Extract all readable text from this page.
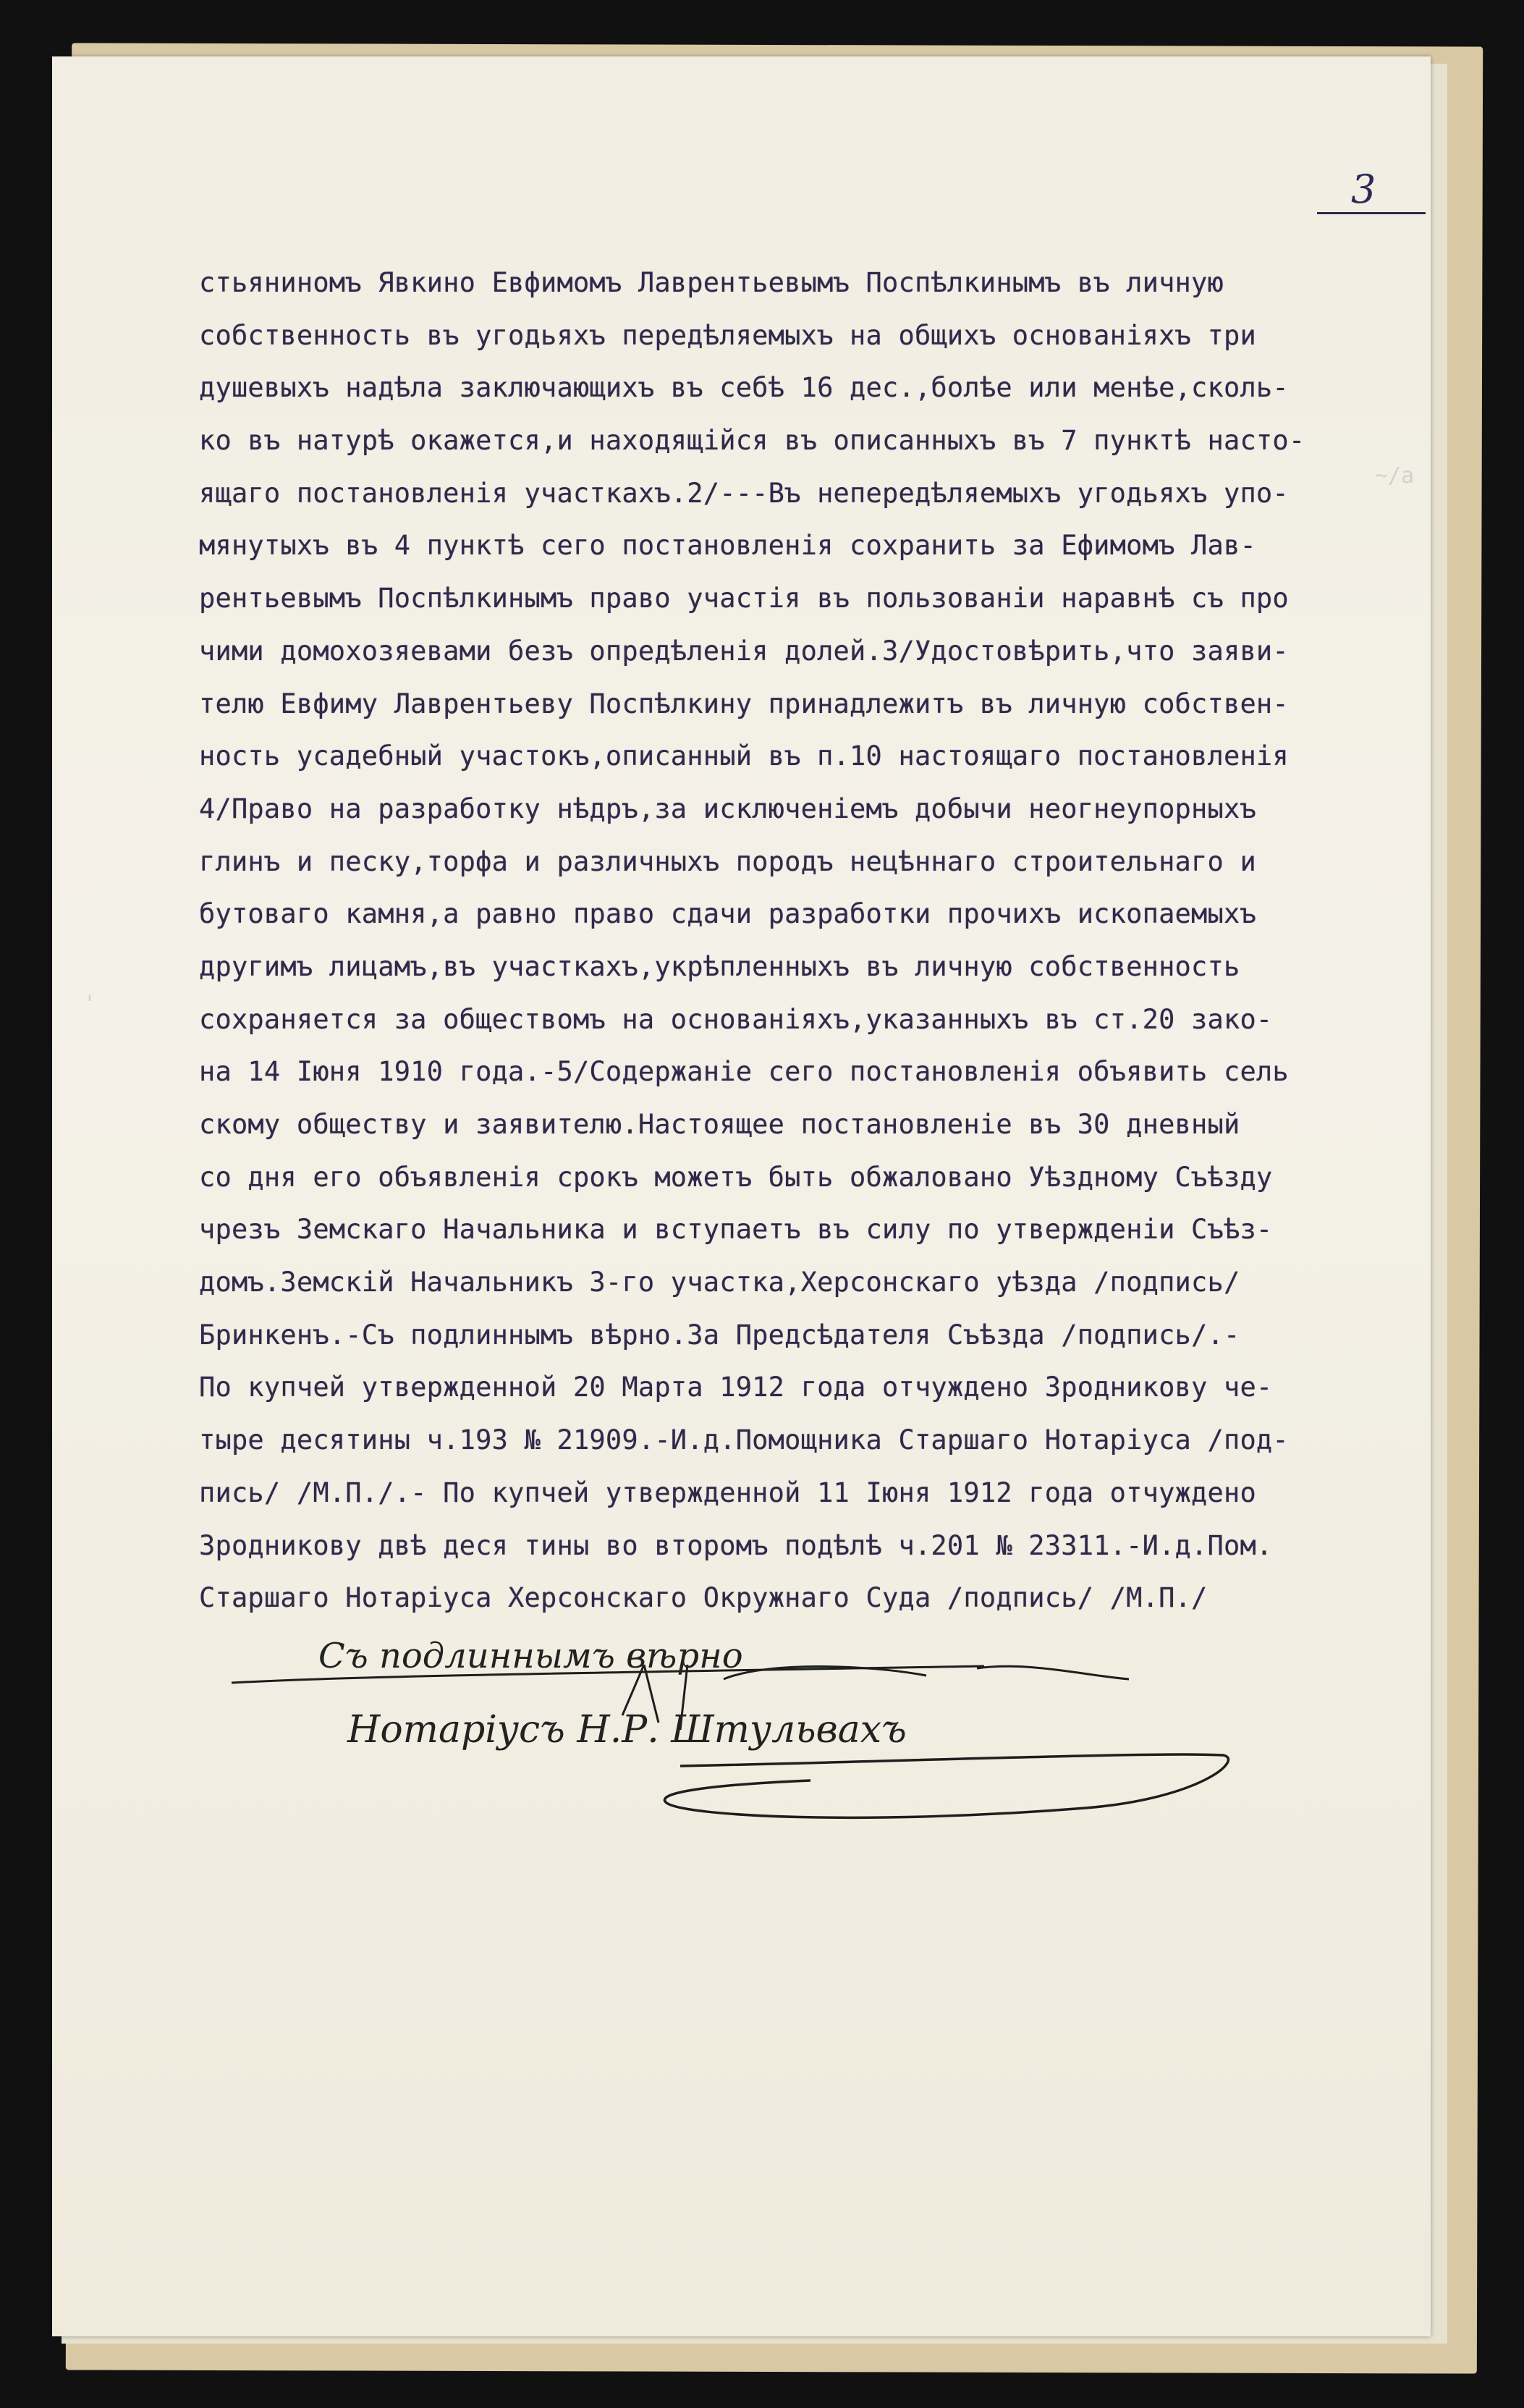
3
стьяниномъ Явкино Евфимомъ Лаврентьевымъ Поспѣлкинымъ въ личную
собственность въ угодьяхъ передѣляемыхъ на общихъ основаніяхъ три
душевыхъ надѣла заключающихъ въ себѣ 16 дес.,болѣе или менѣе,сколь-
ко въ натурѣ окажется,и находящійся въ описанныхъ въ 7 пунктѣ насто-
ящаго постановленія участкахъ.2/---Въ непередѣляемыхъ угодьяхъ упо-
мянутыхъ въ 4 пунктѣ сего постановленія сохранить за Ефимомъ Лав-
рентьевымъ Поспѣлкинымъ право участія въ пользованіи наравнѣ съ про
чими домохозяевами безъ опредѣленія долей.3/Удостовѣрить,что заяви-
телю Евфиму Лаврентьеву Поспѣлкину принадлежитъ въ личную собствен-
ность усадебный участокъ,описанный въ п.10 настоящаго постановленія
4/Право на разработку нѣдръ,за исключеніемъ добычи неогнеупорныхъ
глинъ и песку,торфа и различныхъ породъ нецѣннаго строительнаго и
бутоваго камня,а равно право сдачи разработки прочихъ ископаемыхъ
другимъ лицамъ,въ участкахъ,укрѣпленныхъ въ личную собственность
сохраняется за обществомъ на основаніяхъ,указанныхъ въ ст.20 зако-
на 14 Іюня 1910 года.-5/Содержаніе сего постановленія объявить сель
скому обществу и заявителю.Настоящее постановленіе въ 30 дневный
со дня его объявленія срокъ можетъ быть обжаловано Уѣздному Съѣзду
чрезъ Земскаго Начальника и вступаетъ въ силу по утвержденіи Съѣз-
домъ.Земскій Начальникъ 3-го участка,Херсонскаго уѣзда /подпись/
Бринкенъ.-Съ подлиннымъ вѣрно.За Предсѣдателя Съѣзда /подпись/.-
По купчей утвержденной 20 Марта 1912 года отчуждено Зродникову че-
тыре десятины ч.193 № 21909.-И.д.Помощника Старшаго Нотаріуса /под-
пись/ /М.П./.- По купчей утвержденной 11 Іюня 1912 года отчуждено
Зродникову двѣ деся тины во второмъ подѣлѣ ч.201 № 23311.-И.д.Пом.
Старшаго Нотаріуса Херсонскаго Окружнаго Суда /подпись/ /М.П./
Съ подлиннымъ вѣрно
Нотаріусъ Н.Р. Штульвахъ
~/a
'
